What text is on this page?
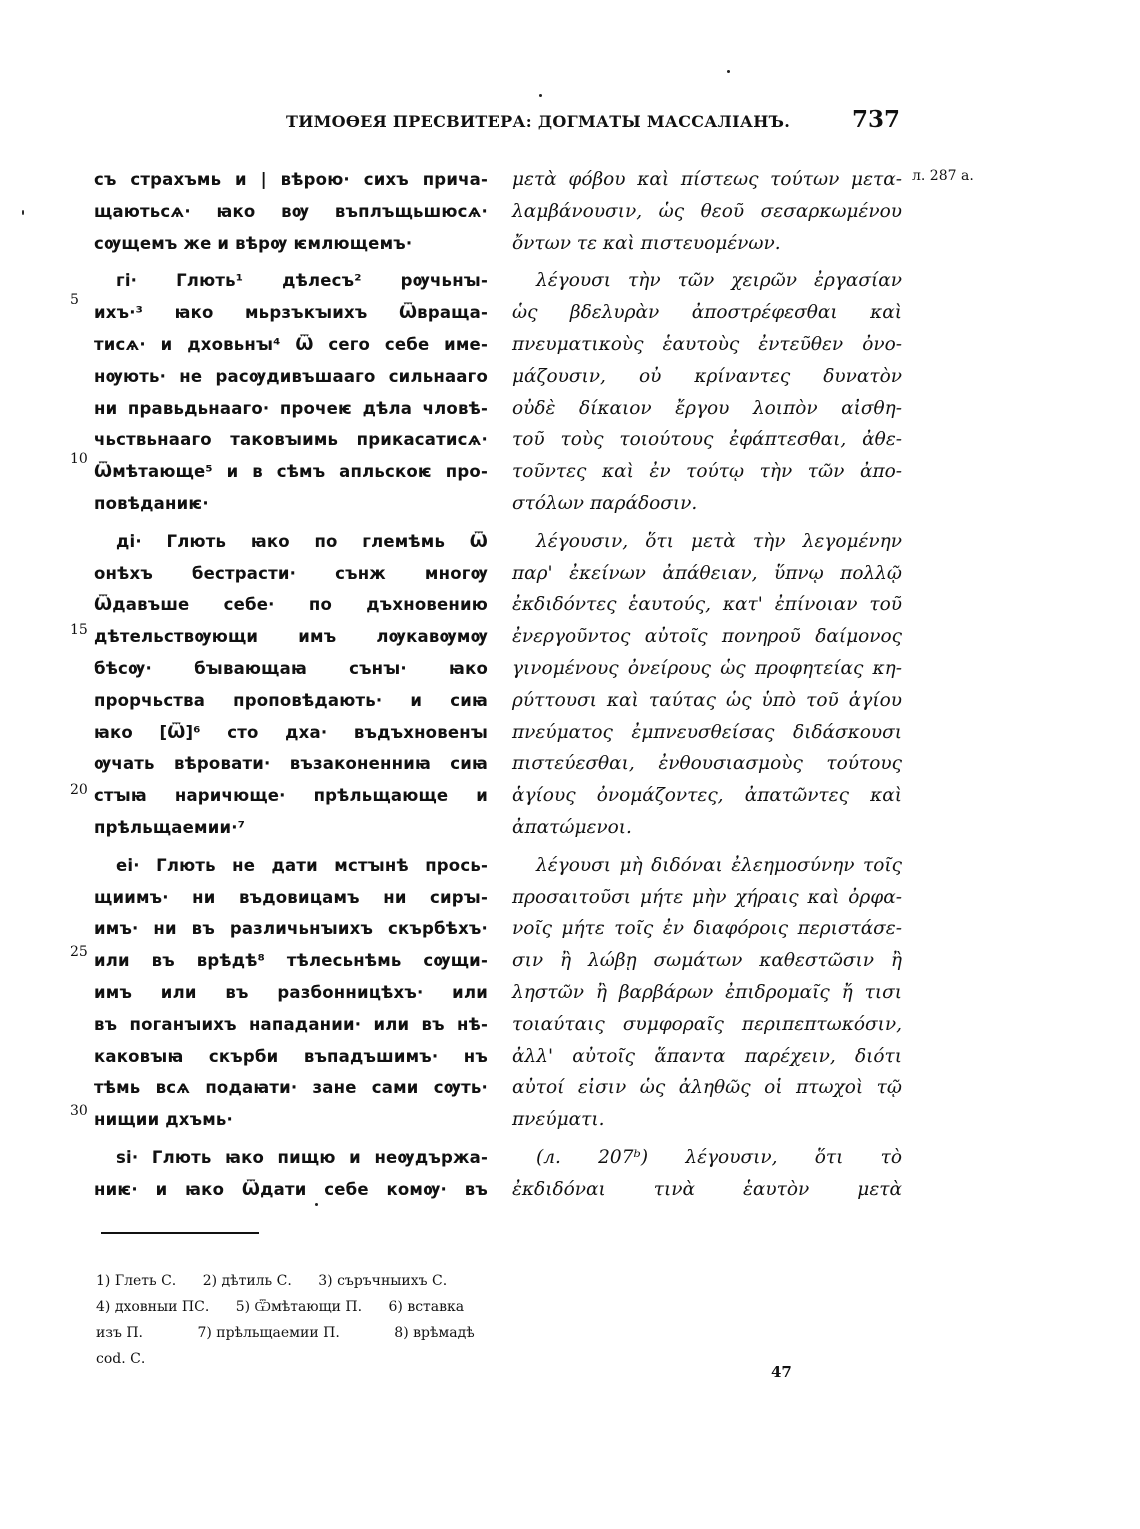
ТИМОѲЕЯ ПРЕСВИТЕРА: ДОГМАТЫ МАССАЛІАНЪ.	737
л. 287 а.
5
10
15
20
25
30
съ страхъмь и | вѣрою· сихъ прича-
щаютьсѧ· ꙗко вѹ въплъщьшюсѧ·
сѹщемъ же и вѣрѹ ѥмлющемъ·
гі· Глють¹ дѣлесъ² рѹчьнꙑ-
ихъ·³ ꙗко мьрзъкꙑихъ Ѿвраща-
тисѧ· и дховьнꙑ⁴ Ѿ сего себе име-
нѹють· не расѹдивъшааго сильнааго
ни правьдьнааго· прочеѥ дѣла чловѣ-
чьствьнааго таковꙑимь прикасатисѧ·
Ѿмѣтающе⁵ и в сѣмъ апльскоѥ про-
повѣданиѥ·
ді· Глють ꙗко по глемѣмь Ѿ
онѣхъ бестрасти· сънж многѹ
Ѿдавъше себе· по дъхновению
дѣтельствѹющи имъ лѹкавѹмѹ
бѣсѹ· бꙑвающаꙗ сънꙑ· ꙗко
прорчьства проповѣдають· и сиꙗ
ꙗко [Ѿ]⁶ сто дха· въдъхновенꙑ
ѹчать вѣровати· възаконенниꙗ сиꙗ
стꙑꙗ наричюще· прѣльщающе и
прѣльщаемии·⁷
еі· Глють не дати мстꙑнѣ прось-
щиимъ· ни въдовицамъ ни сирꙑ-
имъ· ни въ различьнꙑихъ скърбѣхъ·
или въ врѣдѣ⁸ тѣлесьнѣмь сѹщи-
имъ или въ разбонницѣхъ· или
въ поганꙑихъ нападании· или въ нѣ-
каковꙑꙗ скърби въпадъшимъ· нъ
тѣмь всѧ подаꙗти· зане сами сѹть·
нищии дхъмь·
ѕі· Глють ꙗко пищю и неѹдържа-
ниѥ· и ꙗко Ѿдати себе комѹ· въ
μετὰ φόβου καὶ πίστεως τούτων μετα-
λαμβάνουσιν, ὡς θεοῦ σεσαρκωμένου
ὄντων τε καὶ πιστευομένων.
λέγουσι τὴν τῶν χειρῶν ἐργασίαν
ὡς βδελυρὰν ἀποστρέφεσθαι καὶ
πνευματικοὺς ἑαυτοὺς ἐντεῦθεν ὀνο-
μάζουσιν, οὐ κρίναντες δυνατὸν
οὐδὲ δίκαιον ἔργου λοιπὸν αἰσθη-
τοῦ τοὺς τοιούτους ἐφάπτεσθαι, ἀθε-
τοῦντες καὶ ἐν τούτῳ τὴν τῶν ἀπο-
στόλων παράδοσιν.
λέγουσιν, ὅτι μετὰ τὴν λεγομένην
παρ' ἐκείνων ἀπάθειαν, ὕπνῳ πολλῷ
ἐκδιδόντες ἑαυτούς, κατ' ἐπίνοιαν τοῦ
ἐνεργοῦντος αὐτοῖς πονηροῦ δαίμονος
γινομένους ὀνείρους ὡς προφητείας κη-
ρύττουσι καὶ ταύτας ὡς ὑπὸ τοῦ ἁγίου
πνεύματος ἐμπνευσθείσας διδάσκουσι
πιστεύεσθαι, ἐνθουσιασμοὺς τούτους
ἁγίους ὀνομάζοντες, ἀπατῶντες καὶ
ἀπατώμενοι.
λέγουσι μὴ διδόναι ἐλεημοσύνην τοῖς
προσαιτοῦσι μήτε μὴν χήραις καὶ ὀρφα-
νοῖς μήτε τοῖς ἐν διαφόροις περιστάσε-
σιν ἢ λώβῃ σωμάτων καθεστῶσιν ἢ
ληστῶν ἢ βαρβάρων ἐπιδρομαῖς ἤ τισι
τοιαύταις συμφοραῖς περιπεπτωκόσιν,
ἀλλ' αὐτοῖς ἅπαντα παρέχειν, διότι
αὐτοί εἰσιν ὡς ἀληθῶς οἱ πτωχοὶ τῷ
πνεύματι.
(л. 207ᵇ) λέγουσιν, ὅτι τὸ
ἐκδιδόναι τινὰ ἑαυτὸν μετὰ
1) Глеть С. 2) дѣтиль С. 3) съръчныихъ С.
4) дховныи ПС. 5) Ѿмѣтающи П. 6) вставка
изъ П.	7) прѣльщаемии П.	8) врѣмадѣ
cod. С.
47
